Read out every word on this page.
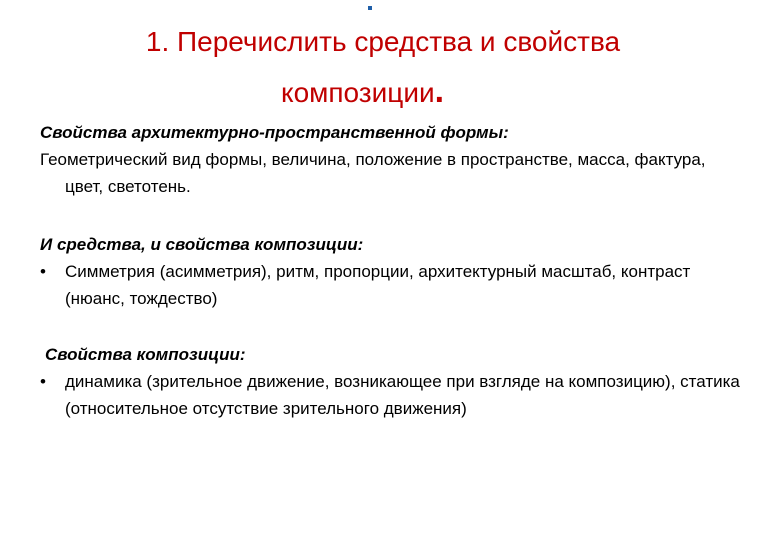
1. Перечислить средства и свойства
композиции.
Свойства архитектурно-пространственной формы:
Геометрический вид формы, величина, положение в пространстве, масса, фактура, цвет, светотень.
И средства, и свойства композиции:
• Симметрия (асимметрия), ритм, пропорции, архитектурный масштаб, контраст (нюанс, тождество)
Свойства композиции:
• динамика (зрительное движение, возникающее при взгляде на композицию), статика (относительное отсутствие зрительного движения)
